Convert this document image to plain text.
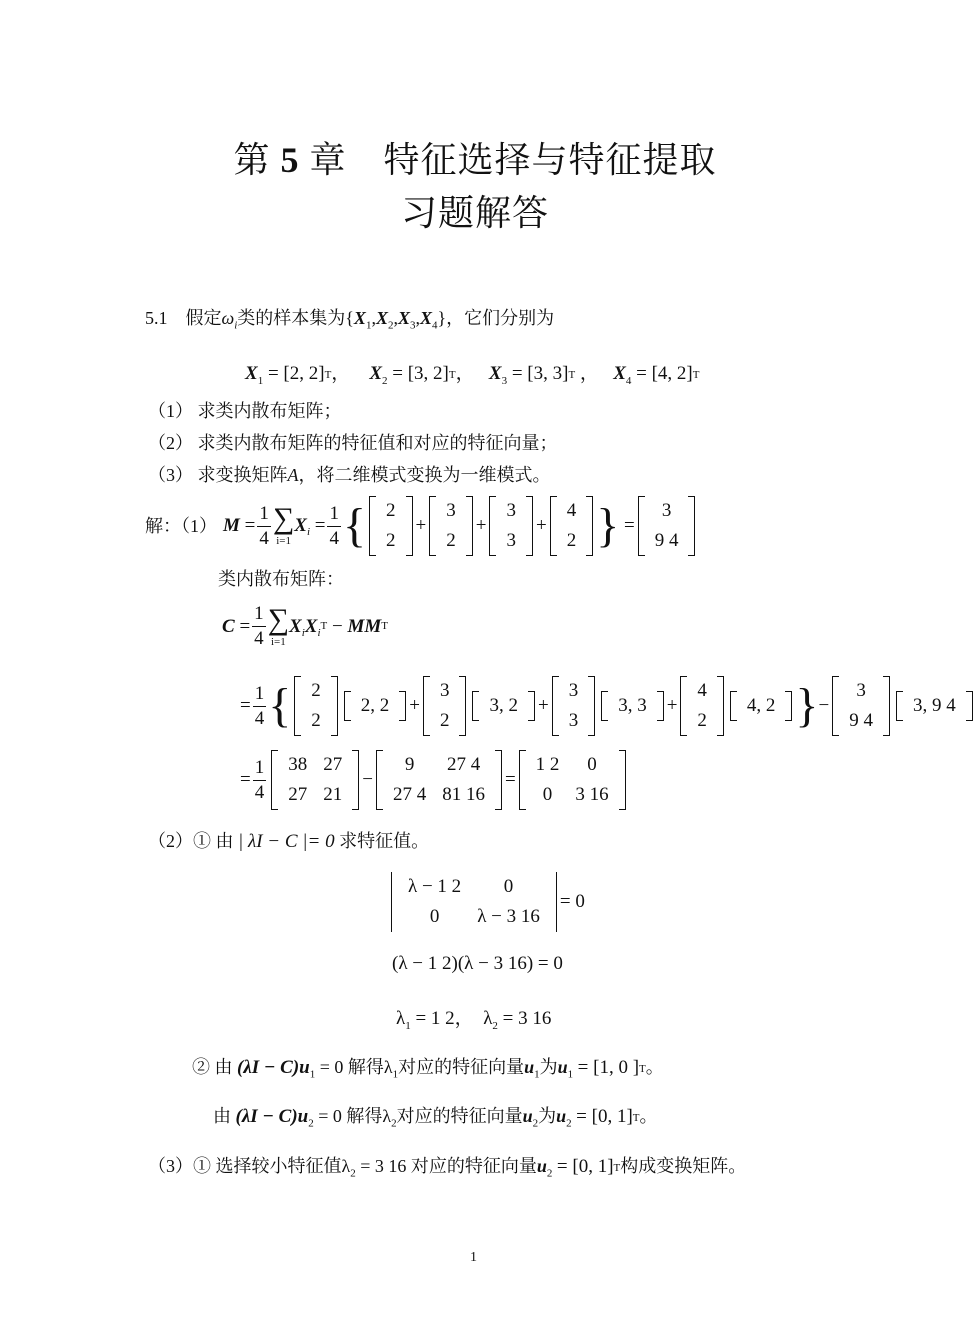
第 5 章　特征选择与特征提取
习题解答
5.1 假定$\omega_i$类的样本集为$\{X_1,X_2,X_3,X_4\}$，它们分别为
$X_1 = [2$, 2]T， $X_2 = [3$, 2]T， $X_3 = [3$, 3]T ， $X_4 = [4$, 2]T
（1） 求类内散布矩阵；
（2） 求类内散布矩阵的特征值和对应的特征向量；
（3） 求变换矩阵A，将二维模式变换为一维模式。
解：（1） M
= $\frac{1}{4}$ ∑
i=1
$X_i$
= $\frac{1}{4}$ { 2
2
+
3
2
+
3
3
+
4
2 } =
3
9 4
类内散布矩阵：
$C = \frac{1}{4}$ ∑
i=1
$X_i$ $X_i$
T − MM T
= $\frac{1}{4}$ { 2
2
2, 2 +
3
2
3, 2 +
3
3
3, 3 +
4
2
4, 2 } −
3
9 4
3, 9 4
= $\frac{1}{4} 38$	27
27	21
−
9	27 4
27 4	81 16
=
1 2	0
0	3 16
（2）① 由 | λI − C |= 0 求特征值。
λ − 1 2	0
0	λ − 3 16
= 0
(λ − 1 2)(λ − 3 16) = 0
$\lambda_1 = 1$ 2， $\lambda_2 = 3$ 16
② 由 $(\lambda I - C)u_1 = 0$ 解得$\lambda_1$对应的特征向量$u_1$为$u_1 = [1$, 0 ]T。
由 $(\lambda I - C)u_2 = 0$ 解得$\lambda_2$对应的特征向量$u_2$为$u_2 = [0$, 1]T。
（3）① 选择较小特征值$\lambda_2 = 3$ 16 对应的特征向量$u_2 = [0$, 1]T构成变换矩阵。
1
